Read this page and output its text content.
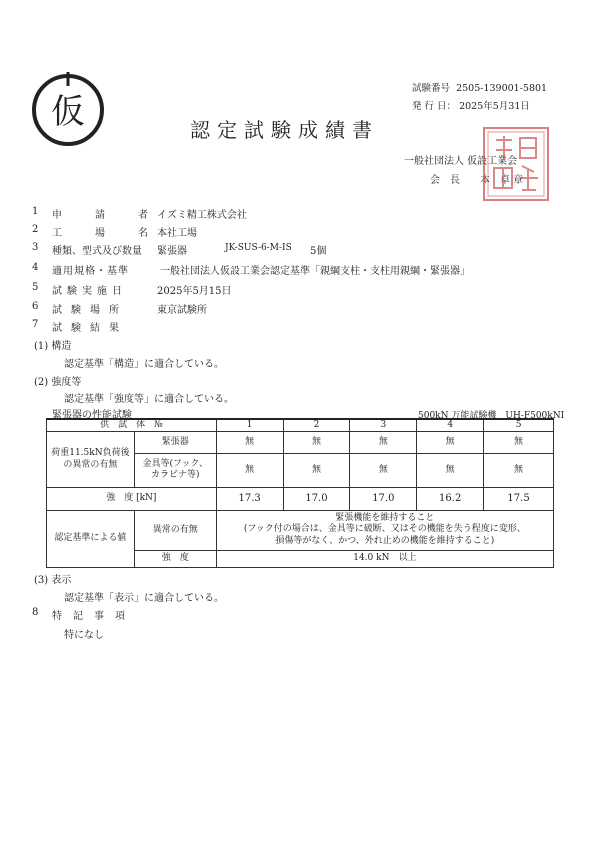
仮
試験番号 2505-139001-5801
発 行 日： 2025年5月31日
認定試験成績書
一般社団法人 仮設工業会
会　長 本　卓 章
1 申	請	者 イズミ精工株式会社
2 工	場	名 本社工場
3 種類、型式及び数量 緊張器	JK-SUS-6-M-IS 5個
4 適用規格・基準	一般社団法人仮設工業会認定基準「親綱支柱・支柱用親綱・緊張器」
5 試験実施日	2025年5月15日
6 試験場所	東京試験所
7 試験結果
(1) 構造
認定基準「構造」に適合している。
(2) 強度等
認定基準「強度等」に適合している。
緊張器の性能試験	500kN 万能試験機　UH-F500kNI
供　試　体　№		1	2	3	4	5
荷重11.5kN負荷後の異常の有無	緊張器	無	無	無	無	無
	金具等(フック、カラビナ等)	無	無	無	無	無
強　度 [kN]		17.3	17.0	17.0	16.2	17.5
認定基準による値	異常の有無	緊張機能を維持すること
(フック付の場合は、金具等に破断、又はその機能を失う程度に変形、
損傷等がなく、かつ、外れ止めの機能を維持すること)				

	強　度	14.0 kN　以上				
(3) 表示
認定基準「表示」に適合している。
8 特記事項
特になし
